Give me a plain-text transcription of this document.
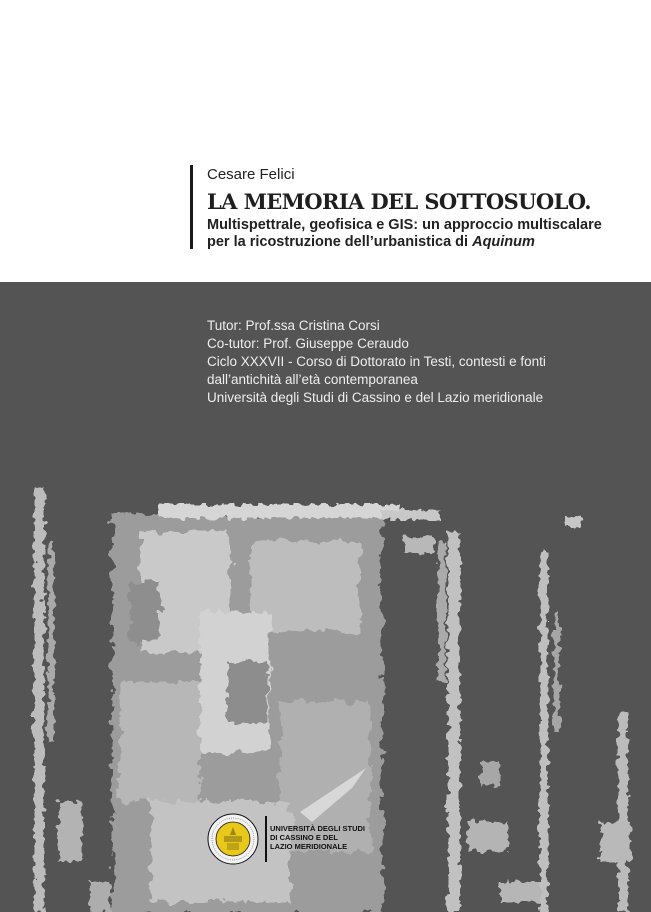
Cesare Felici
LA MEMORIA DEL SOTTOSUOLO.
Multispettrale, geofisica e GIS: un approccio multiscalare
per la ricostruzione dell’urbanistica di Aquinum
Tutor: Prof.ssa Cristina Corsi
Co-tutor: Prof. Giuseppe Ceraudo
Ciclo XXXVII - Corso di Dottorato in Testi, contesti e fonti
dall’antichità all’età contemporanea
Università degli Studi di Cassino e del Lazio meridionale
UNIVERSITÀ DEGLI STUDI
DI CASSINO E DEL
LAZIO MERIDIONALE
